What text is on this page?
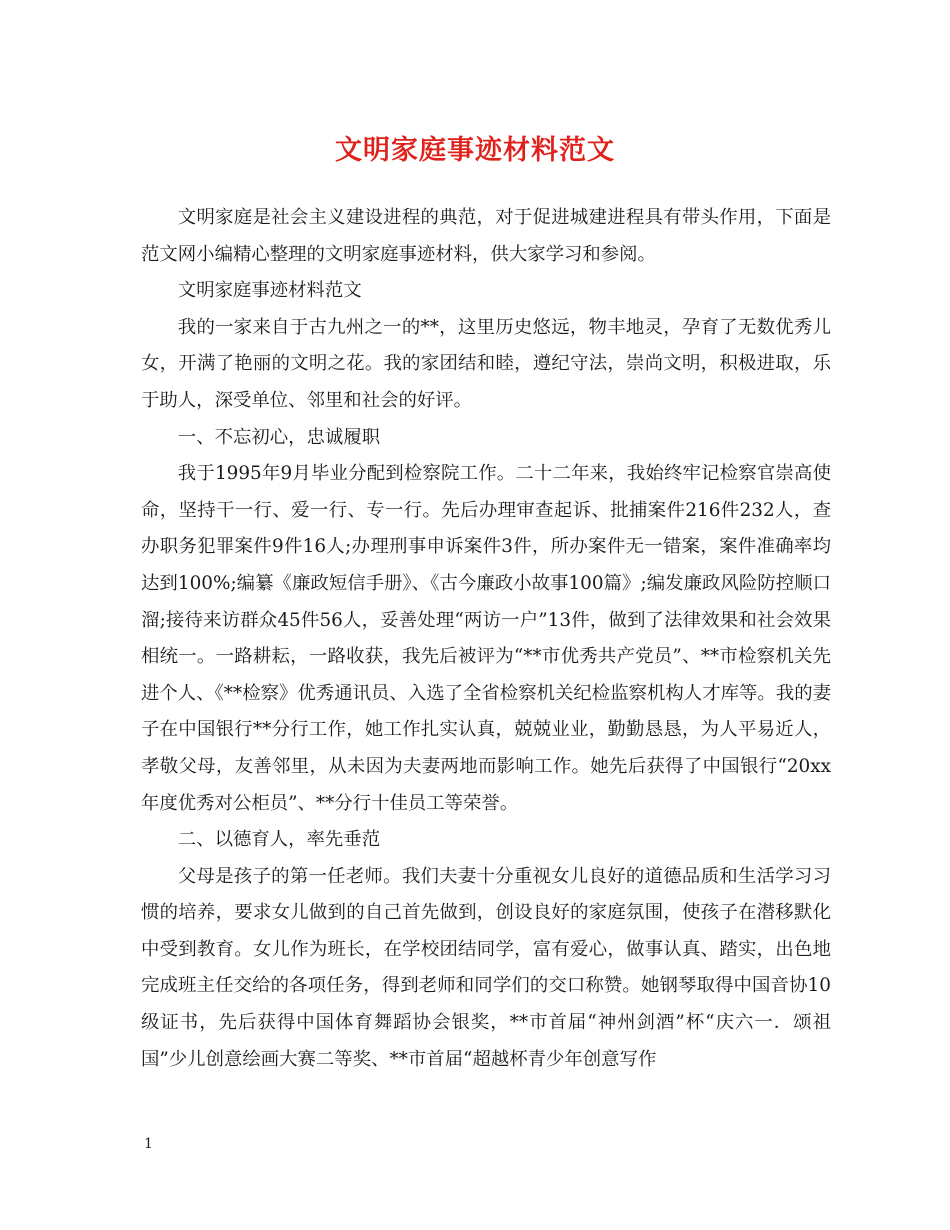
文明家庭事迹材料范文

文明家庭是社会主义建设进程的典范，对于促进城建进程具有带头作用，下面是范文网小编精心整理的文明家庭事迹材料，供大家学习和参阅。

文明家庭事迹材料范文

我的一家来自于古九州之一的**，这里历史悠远，物丰地灵，孕育了无数优秀儿女，开满了艳丽的文明之花。我的家团结和睦，遵纪守法，崇尚文明，积极进取，乐于助人，深受单位、邻里和社会的好评。

一、不忘初心，忠诚履职

我于1995年9月毕业分配到检察院工作。二十二年来，我始终牢记检察官崇高使命，坚持干一行、爱一行、专一行。先后办理审查起诉、批捕案件216件232人，查办职务犯罪案件9件16人;办理刑事申诉案件3件，所办案件无一错案，案件准确率均达到100%;编纂《廉政短信手册》、《古今廉政小故事100篇》;编发廉政风险防控顺口溜;接待来访群众45件56人，妥善处理“两访一户”13件，做到了法律效果和社会效果相统一。一路耕耘，一路收获，我先后被评为“**市优秀共产党员”、**市检察机关先进个人、《**检察》优秀通讯员、入选了全省检察机关纪检监察机构人才库等。我的妻子在中国银行**分行工作，她工作扎实认真，兢兢业业，勤勤恳恳，为人平易近人，孝敬父母，友善邻里，从未因为夫妻两地而影响工作。她先后获得了中国银行“20xx年度优秀对公柜员”、**分行十佳员工等荣誉。

二、以德育人，率先垂范

父母是孩子的第一任老师。我们夫妻十分重视女儿良好的道德品质和生活学习习惯的培养，要求女儿做到的自己首先做到，创设良好的家庭氛围，使孩子在潜移默化中受到教育。女儿作为班长，在学校团结同学，富有爱心，做事认真、踏实，出色地完成班主任交给的各项任务，得到老师和同学们的交口称赞。她钢琴取得中国音协10级证书，先后获得中国体育舞蹈协会银奖，**市首届“神州剑酒”杯“庆六一．颂祖国”少儿创意绘画大赛二等奖、**市首届“超越杯青少年创意写作

1
